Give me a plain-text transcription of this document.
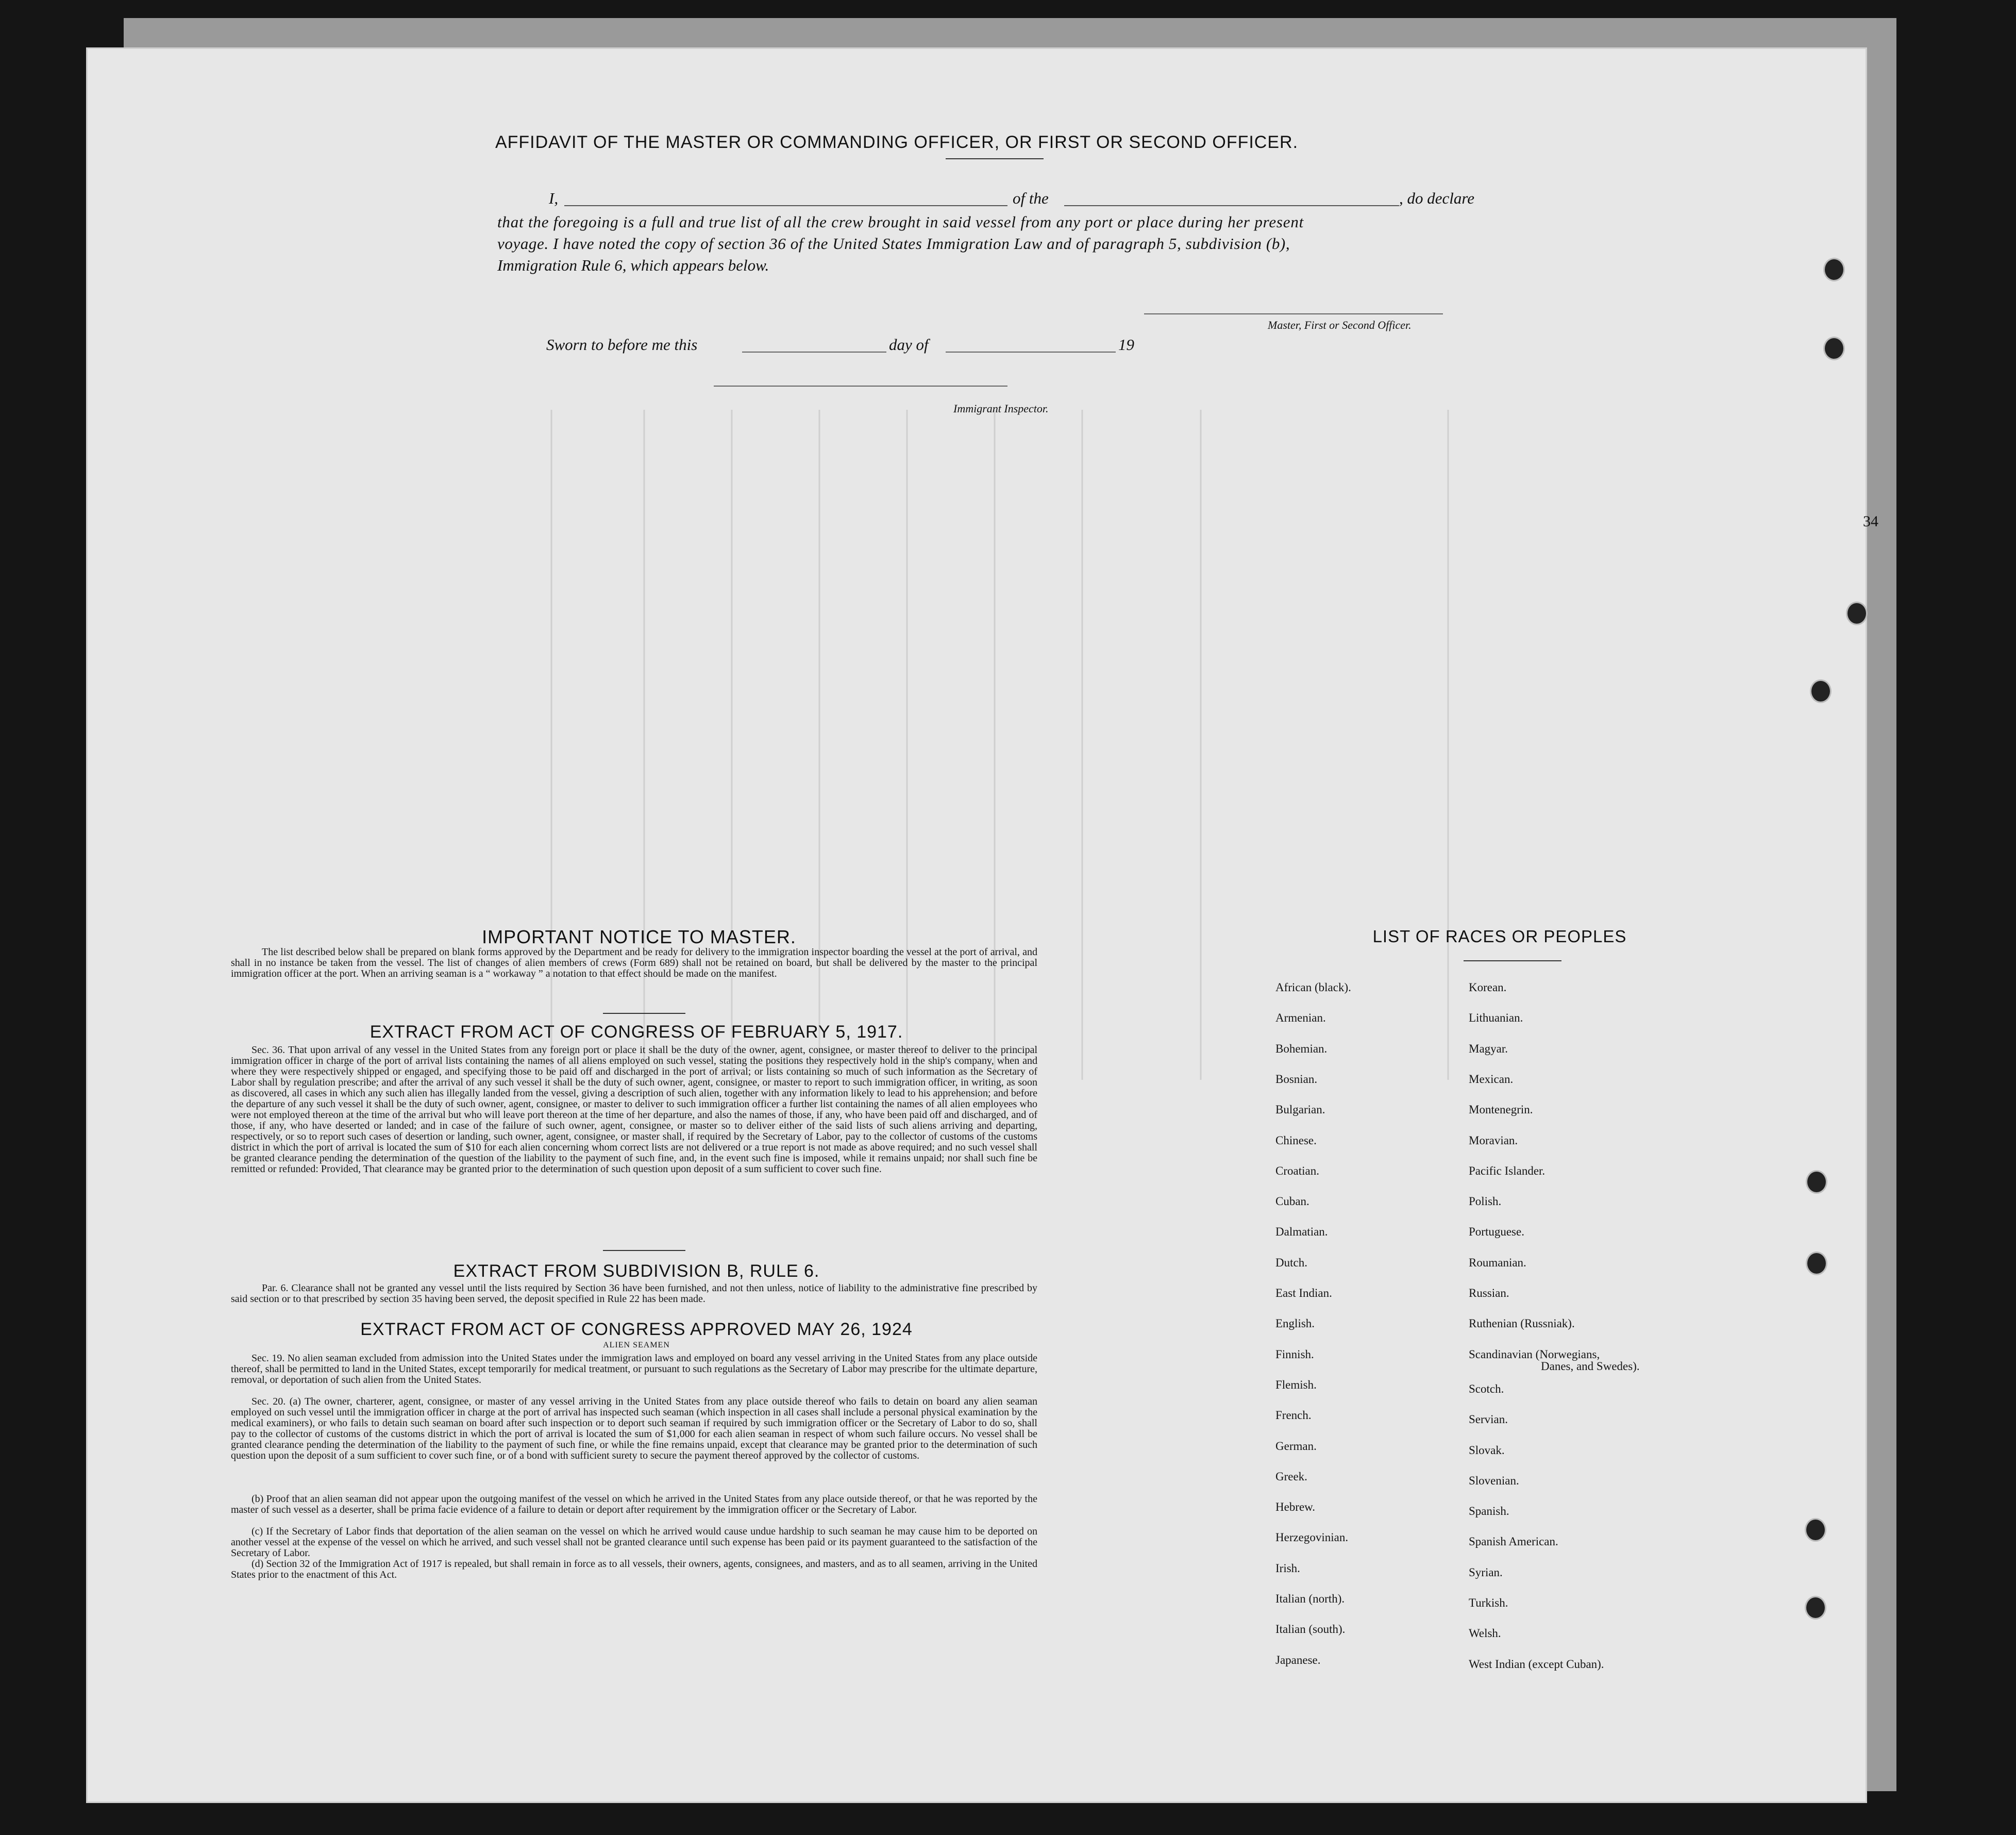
AFFIDAVIT OF THE MASTER OR COMMANDING OFFICER, OR FIRST OR SECOND OFFICER.
I,	of the	, do declare
that the foregoing is a full and true list of all the crew brought in said vessel from any port or place during her present
voyage. I have noted the copy of section 36 of the United States Immigration Law and of paragraph 5, subdivision (b),
Immigration Rule 6, which appears below.
Master, First or Second Officer.
Sworn to before me this	day of	19
Immigrant Inspector.
IMPORTANT NOTICE TO MASTER.
The list described below shall be prepared on blank forms approved by the Department and be ready for delivery to the immigration inspector boarding the vessel at the port of arrival, and shall in no instance be taken from the vessel. The list of changes of alien members of crews (Form 689) shall not be retained on board, but shall be delivered by the master to the principal immigration officer at the port. When an arriving seaman is a “ workaway ” a notation to that effect should be made on the manifest.
EXTRACT FROM ACT OF CONGRESS OF FEBRUARY 5, 1917.
Sec. 36. That upon arrival of any vessel in the United States from any foreign port or place it shall be the duty of the owner, agent, consignee, or master thereof to deliver to the principal immigration officer in charge of the port of arrival lists containing the names of all aliens employed on such vessel, stating the positions they respectively hold in the ship's company, when and where they were respectively shipped or engaged, and specifying those to be paid off and discharged in the port of arrival; or lists containing so much of such information as the Secretary of Labor shall by regulation prescribe; and after the arrival of any such vessel it shall be the duty of such owner, agent, consignee, or master to report to such immigration officer, in writing, as soon as discovered, all cases in which any such alien has illegally landed from the vessel, giving a description of such alien, together with any information likely to lead to his apprehension; and before the departure of any such vessel it shall be the duty of such owner, agent, consignee, or master to deliver to such immigration officer a further list containing the names of all alien employees who were not employed thereon at the time of the arrival but who will leave port thereon at the time of her departure, and also the names of those, if any, who have been paid off and discharged, and of those, if any, who have deserted or landed; and in case of the failure of such owner, agent, consignee, or master so to deliver either of the said lists of such aliens arriving and departing, respectively, or so to report such cases of desertion or landing, such owner, agent, consignee, or master shall, if required by the Secretary of Labor, pay to the collector of customs of the customs district in which the port of arrival is located the sum of $10 for each alien concerning whom correct lists are not delivered or a true report is not made as above required; and no such vessel shall be granted clearance pending the determination of the question of the liability to the payment of such fine, and, in the event such fine is imposed, while it remains unpaid; nor shall such fine be remitted or refunded: Provided, That clearance may be granted prior to the determination of such question upon deposit of a sum sufficient to cover such fine.
EXTRACT FROM SUBDIVISION B, RULE 6.
Par. 6. Clearance shall not be granted any vessel until the lists required by Section 36 have been furnished, and not then unless, notice of liability to the administrative fine prescribed by said section or to that prescribed by section 35 having been served, the deposit specified in Rule 22 has been made.
EXTRACT FROM ACT OF CONGRESS APPROVED MAY 26, 1924
ALIEN SEAMEN
Sec. 19. No alien seaman excluded from admission into the United States under the immigration laws and employed on board any vessel arriving in the United States from any place outside thereof, shall be permitted to land in the United States, except temporarily for medical treatment, or pursuant to such regulations as the Secretary of Labor may prescribe for the ultimate departure, removal, or deportation of such alien from the United States.
Sec. 20. (a) The owner, charterer, agent, consignee, or master of any vessel arriving in the United States from any place outside thereof who fails to detain on board any alien seaman employed on such vessel until the immigration officer in charge at the port of arrival has inspected such seaman (which inspection in all cases shall include a personal physical examination by the medical examiners), or who fails to detain such seaman on board after such inspection or to deport such seaman if required by such immigration officer or the Secretary of Labor to do so, shall pay to the collector of customs of the customs district in which the port of arrival is located the sum of $1,000 for each alien seaman in respect of whom such failure occurs. No vessel shall be granted clearance pending the determination of the liability to the payment of such fine, or while the fine remains unpaid, except that clearance may be granted prior to the determination of such question upon the deposit of a sum sufficient to cover such fine, or of a bond with sufficient surety to secure the payment thereof approved by the collector of customs.
(b) Proof that an alien seaman did not appear upon the outgoing manifest of the vessel on which he arrived in the United States from any place outside thereof, or that he was reported by the master of such vessel as a deserter, shall be prima facie evidence of a failure to detain or deport after requirement by the immigration officer or the Secretary of Labor.
(c) If the Secretary of Labor finds that deportation of the alien seaman on the vessel on which he arrived would cause undue hardship to such seaman he may cause him to be deported on another vessel at the expense of the vessel on which he arrived, and such vessel shall not be granted clearance until such expense has been paid or its payment guaranteed to the satisfaction of the Secretary of Labor.
(d) Section 32 of the Immigration Act of 1917 is repealed, but shall remain in force as to all vessels, their owners, agents, consignees, and masters, and as to all seamen, arriving in the United States prior to the enactment of this Act.
LIST OF RACES OR PEOPLES
African (black).
Armenian.
Bohemian.
Bosnian.
Bulgarian.
Chinese.
Croatian.
Cuban.
Dalmatian.
Dutch.
East Indian.
English.
Finnish.
Flemish.
French.
German.
Greek.
Hebrew.
Herzegovinian.
Irish.
Italian (north).
Italian (south).
Japanese.
Korean.
Lithuanian.
Magyar.
Mexican.
Montenegrin.
Moravian.
Pacific Islander.
Polish.
Portuguese.
Roumanian.
Russian.
Ruthenian (Russniak).
Scandinavian (Norwegians,
Scotch.
Servian.
Slovak.
Slovenian.
Spanish.
Spanish American.
Syrian.
Turkish.
Welsh.
West Indian (except Cuban).
Danes, and Swedes).
34
